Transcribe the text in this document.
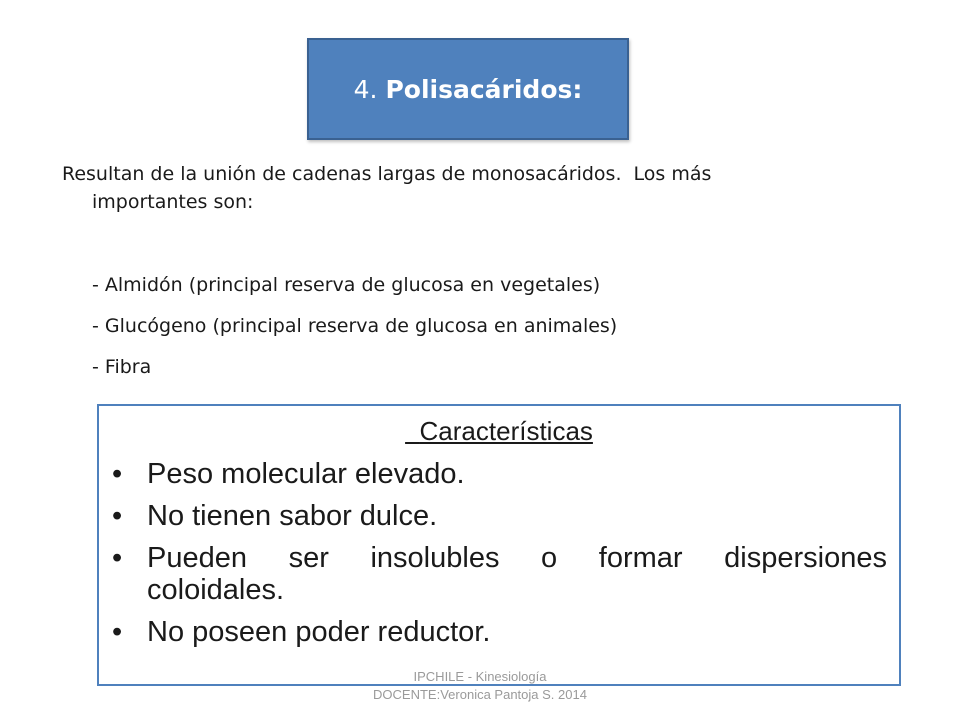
4. Polisacáridos:
Resultan de la unión de cadenas largas de monosacáridos.  Los más
importantes son:
- Almidón (principal reserva de glucosa en vegetales)
- Glucógeno (principal reserva de glucosa en animales)
- Fibra
Características
• Peso molecular elevado.
• No tienen sabor dulce.
• Pueden ser insolubles o formar dispersiones
coloidales.
• No poseen poder reductor.
IPCHILE - Kinesiología
DOCENTE:Veronica Pantoja S. 2014
